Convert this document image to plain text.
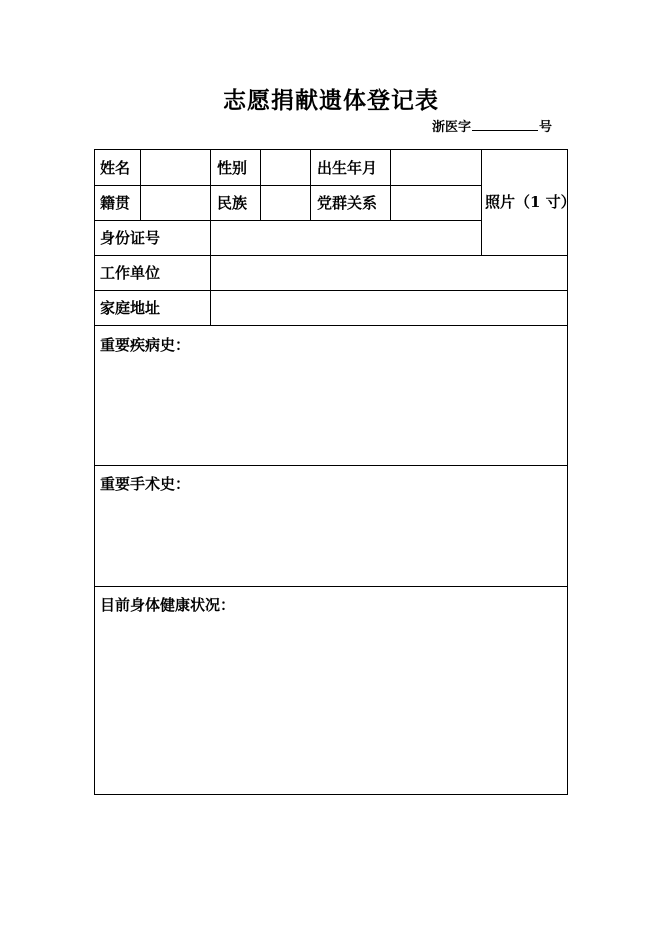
志愿捐献遗体登记表
浙医字	号
姓名	性别	出生年月
籍贯	民族	党群关系	照片（1 寸）
身份证号
工作单位
家庭地址
重要疾病史：
重要手术史：
目前身体健康状况：
